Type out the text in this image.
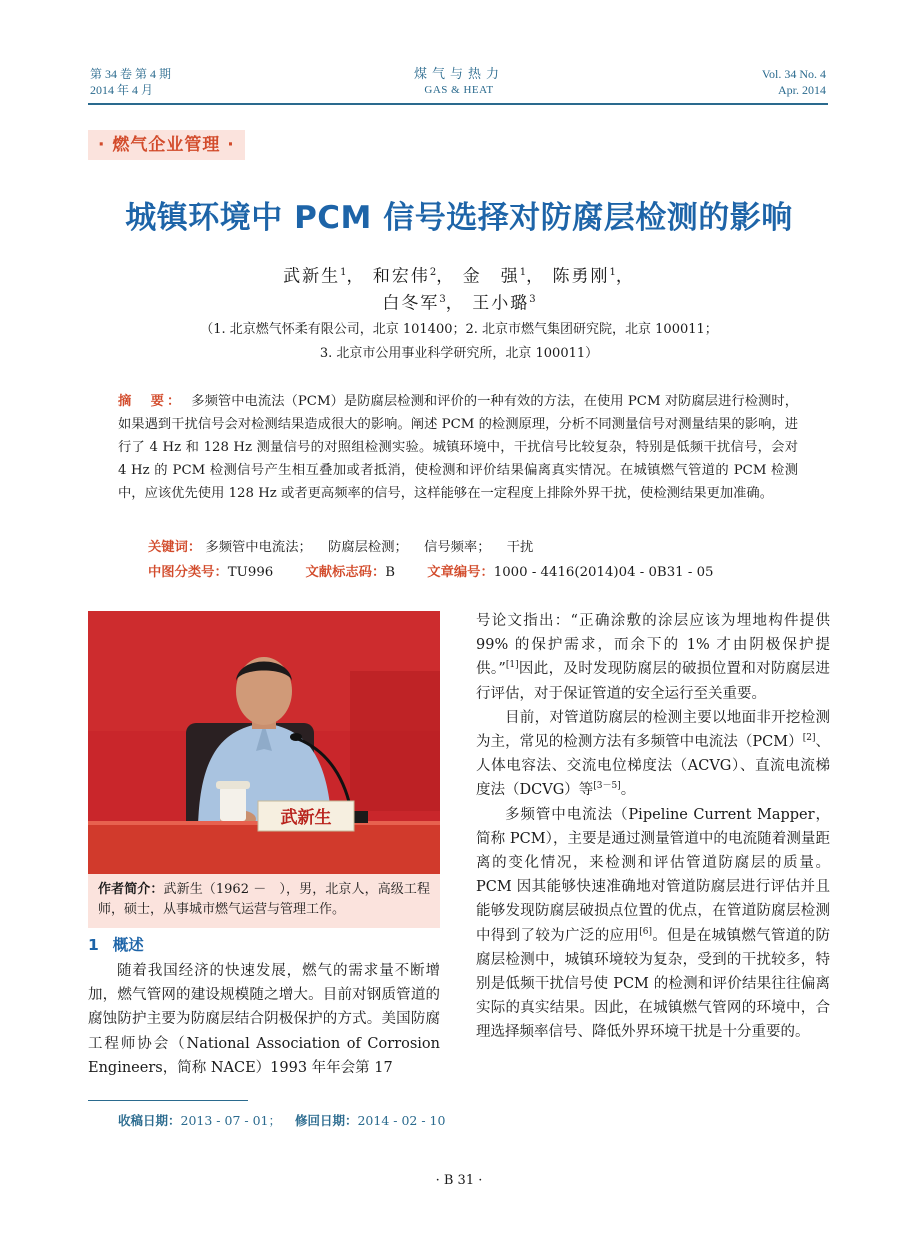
第 34 卷 第 4 期
2014 年 4 月
煤气与热力
GAS & HEAT
Vol. 34 No. 4
Apr. 2014
· 燃气企业管理 ·
城镇环境中 PCM 信号选择对防腐层检测的影响
武新生$^1$， 和宏伟$^2$， 金　强$^1$， 陈勇刚$^1$，
白冬军$^3$， 王小璐$^3$
（1. 北京燃气怀柔有限公司，北京 101400；2. 北京市燃气集团研究院，北京 100011；
3. 北京市公用事业科学研究所，北京 100011）
摘　要： 多频管中电流法（PCM）是防腐层检测和评价的一种有效的方法，在使用 PCM 对防腐层进行检测时，如果遇到干扰信号会对检测结果造成很大的影响。阐述 PCM 的检测原理，分析不同测量信号对测量结果的影响，进行了 4 Hz 和 128 Hz 测量信号的对照组检测实验。城镇环境中，干扰信号比较复杂，特别是低频干扰信号，会对 4 Hz 的 PCM 检测信号产生相互叠加或者抵消，使检测和评价结果偏离真实情况。在城镇燃气管道的 PCM 检测中，应该优先使用 128 Hz 或者更高频率的信号，这样能够在一定程度上排除外界干扰，使检测结果更加准确。
关键词： 多频管中电流法； 防腐层检测； 信号频率； 干扰
中图分类号：TU996 文献标志码：B 文章编号：1000 - 4416(2014)04 - 0B31 - 05
武新生
作者简介：武新生（1962 －　），男，北京人，高级工程师，硕士，从事城市燃气运营与管理工作。
1 概述

随着我国经济的快速发展，燃气的需求量不断增加，燃气管网的建设规模随之增大。目前对钢质管道的腐蚀防护主要为防腐层结合阴极保护的方式。美国防腐工程师协会（National Association of Corrosion Engineers，简称 NACE）1993 年年会第 17

号论文指出：“正确涂敷的涂层应该为埋地构件提供 99% 的保护需求，而余下的 1% 才由阴极保护提供。”[1]因此，及时发现防腐层的破损位置和对防腐层进行评估，对于保证管道的安全运行至关重要。

目前，对管道防腐层的检测主要以地面非开挖检测为主，常见的检测方法有多频管中电流法（PCM）[2]、人体电容法、交流电位梯度法（ACVG）、直流电流梯度法（DCVG）等[3－5]。

多频管中电流法（Pipeline Current Mapper，简称 PCM），主要是通过测量管道中的电流随着测量距离的变化情况，来检测和评估管道防腐层的质量。PCM 因其能够快速准确地对管道防腐层进行评估并且能够发现防腐层破损点位置的优点，在管道防腐层检测中得到了较为广泛的应用[6]。但是在城镇燃气管道的防腐层检测中，城镇环境较为复杂，受到的干扰较多，特别是低频干扰信号使 PCM 的检测和评价结果往往偏离实际的真实结果。因此，在城镇燃气管网的环境中，合理选择频率信号、降低外界环境干扰是十分重要的。

收稿日期：2013 - 07 - 01； 修回日期：2014 - 02 - 10
· B 31 ·
